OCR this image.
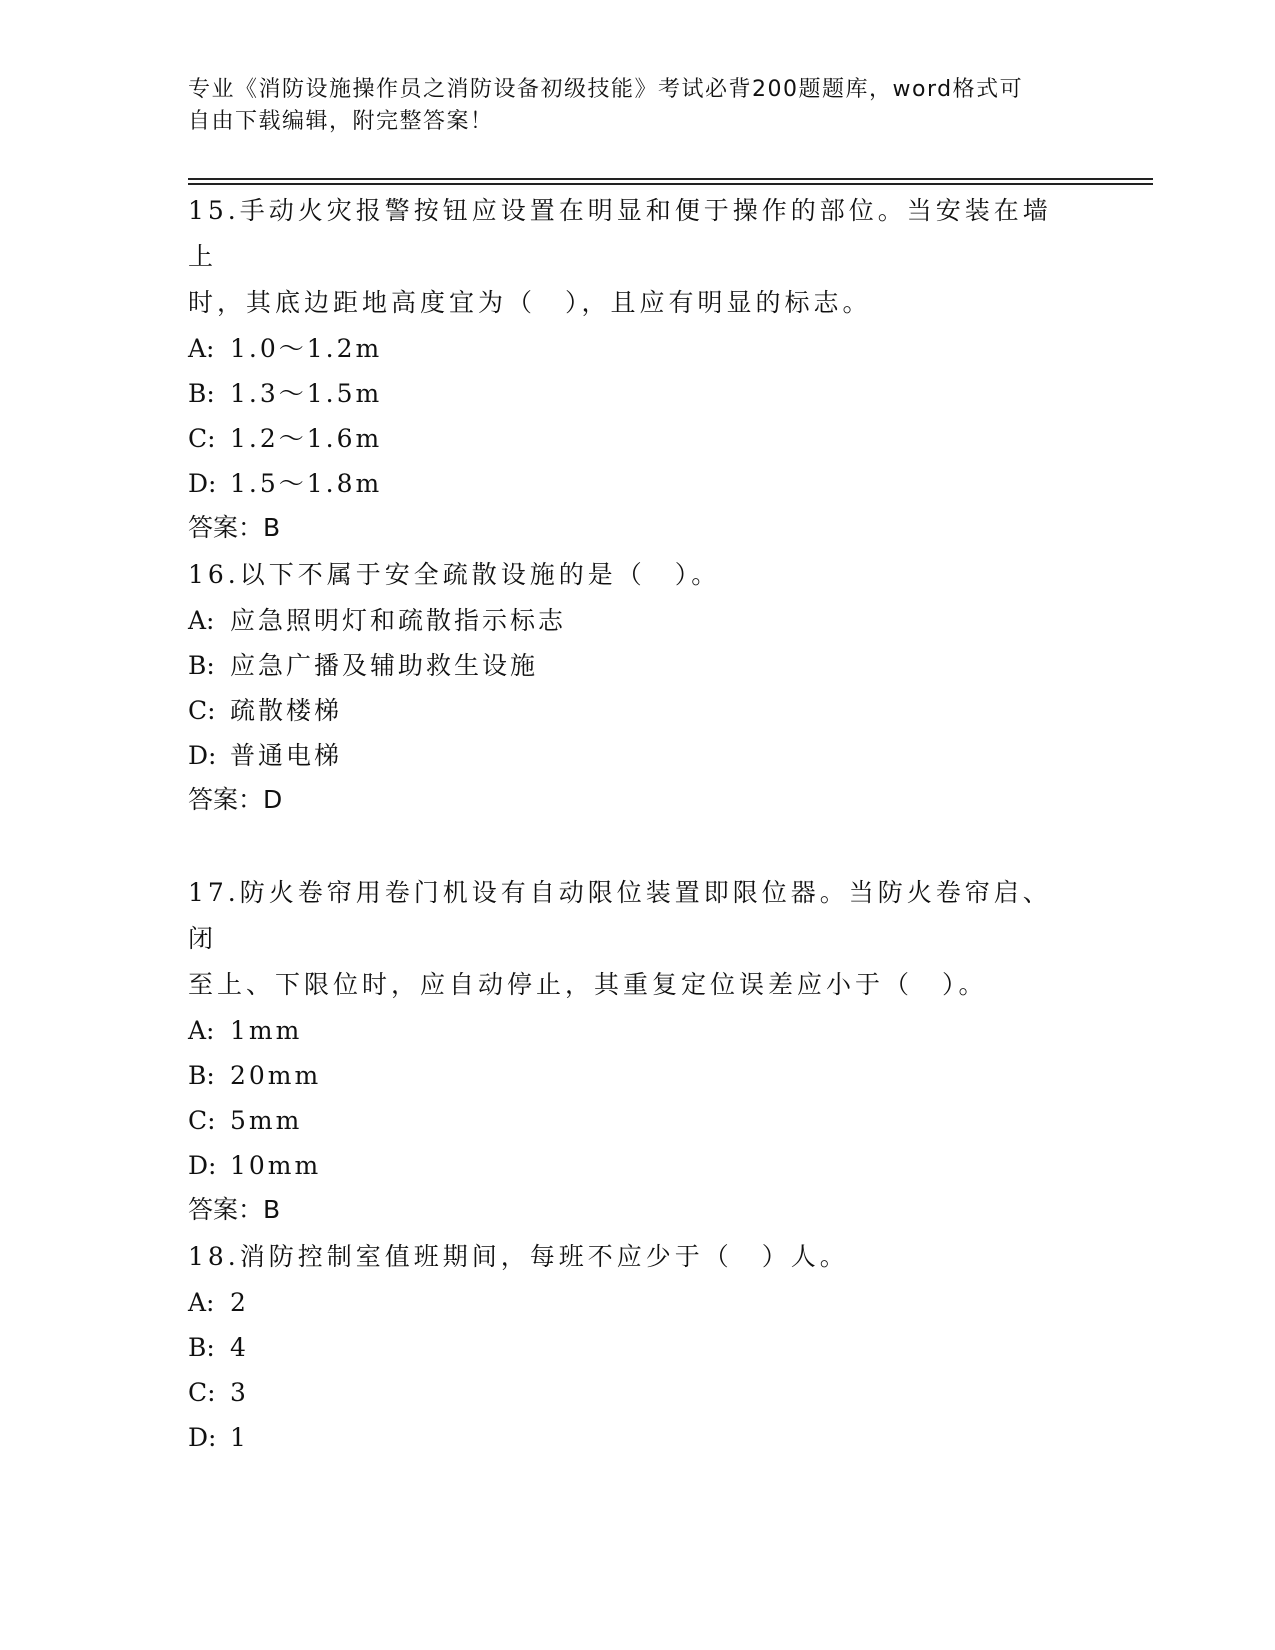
专业《消防设施操作员之消防设备初级技能》考试必背200题题库，word格式可
自由下载编辑，附完整答案！

15.手动火灾报警按钮应设置在明显和便于操作的部位。当安装在墙上

时，其底边距地高度宜为（　），且应有明显的标志。

A: 1.0～1.2m

B: 1.3～1.5m

C: 1.2～1.6m

D: 1.5～1.8m

答案：B

16.以下不属于安全疏散设施的是（　）。

A: 应急照明灯和疏散指示标志

B: 应急广播及辅助救生设施

C: 疏散楼梯

D: 普通电梯

答案：D

17.防火卷帘用卷门机设有自动限位装置即限位器。当防火卷帘启、闭

至上、下限位时，应自动停止，其重复定位误差应小于（　）。

A: 1mm

B: 20mm

C: 5mm

D: 10mm

答案：B

18.消防控制室值班期间，每班不应少于（　）人。

A: 2

B: 4

C: 3

D: 1
